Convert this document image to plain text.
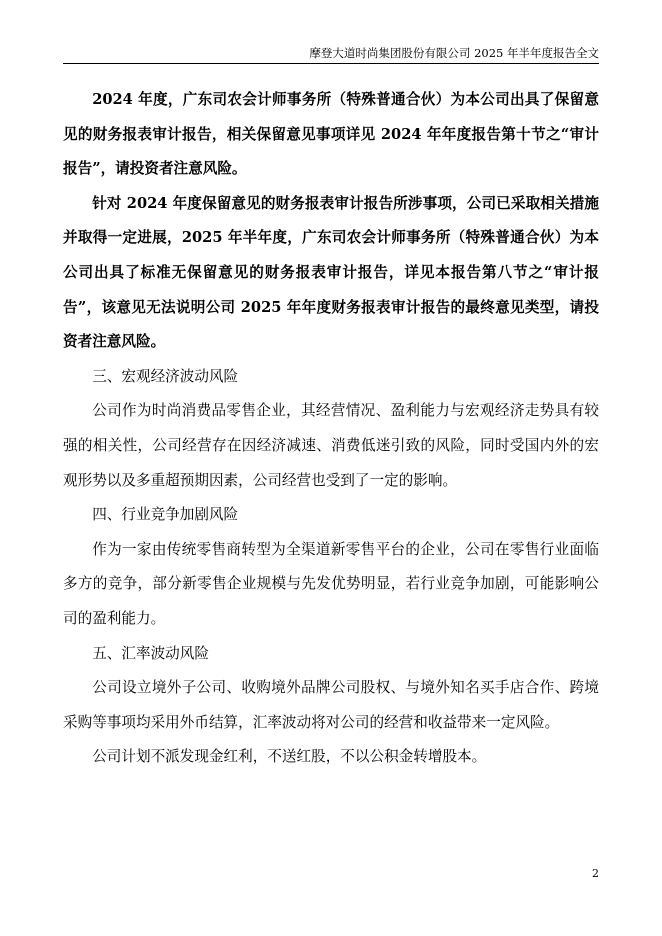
摩登大道时尚集团股份有限公司 2025 年半年度报告全文

2024 年度，广东司农会计师事务所（特殊普通合伙）为本公司出具了保留意见的财务报表审计报告，相关保留意见事项详见 2024 年年度报告第十节之“审计报告”，请投资者注意风险。

针对 2024 年度保留意见的财务报表审计报告所涉事项，公司已采取相关措施并取得一定进展，2025 年半年度，广东司农会计师事务所（特殊普通合伙）为本公司出具了标准无保留意见的财务报表审计报告，详见本报告第八节之“审计报告”，该意见无法说明公司 2025 年年度财务报表审计报告的最终意见类型，请投资者注意风险。

三、宏观经济波动风险

公司作为时尚消费品零售企业，其经营情况、盈利能力与宏观经济走势具有较强的相关性，公司经营存在因经济减速、消费低迷引致的风险，同时受国内外的宏观形势以及多重超预期因素，公司经营也受到了一定的影响。

四、行业竞争加剧风险

作为一家由传统零售商转型为全渠道新零售平台的企业，公司在零售行业面临多方的竞争，部分新零售企业规模与先发优势明显，若行业竞争加剧，可能影响公司的盈利能力。

五、汇率波动风险

公司设立境外子公司、收购境外品牌公司股权、与境外知名买手店合作、跨境采购等事项均采用外币结算，汇率波动将对公司的经营和收益带来一定风险。

公司计划不派发现金红利，不送红股，不以公积金转增股本。

2
